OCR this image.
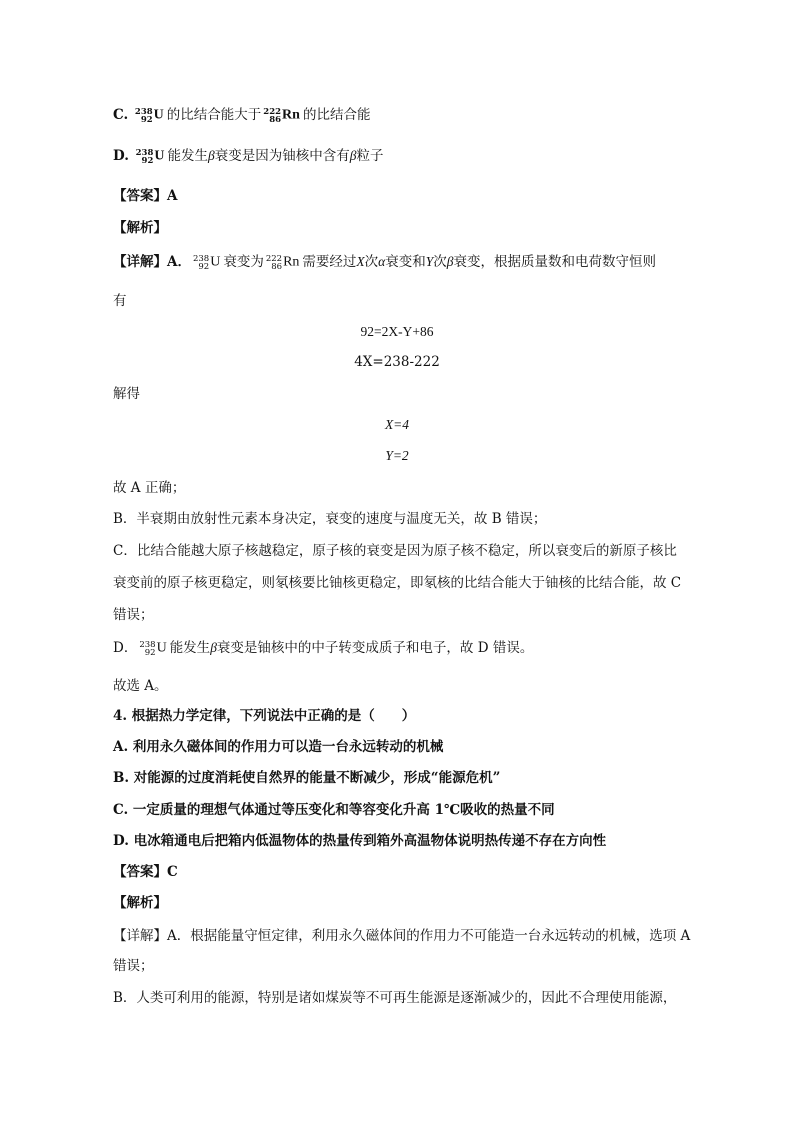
C. 238
92 U 的比结合能大于 222
86 Rn 的比结合能
D. 238
92 U 能发生β衰变是因为铀核中含有β粒子
【答案】A
【解析】
【详解】A． 238
92 U 衰变为 222
86 Rn 需要经过X次α衰变和Y次β衰变，根据质量数和电荷数守恒则
有
92=2X-Y+86
4X=238-222
解得
X=4
Y=2
故 A 正确；
B．半衰期由放射性元素本身决定，衰变的速度与温度无关，故 B 错误；
C．比结合能越大原子核越稳定，原子核的衰变是因为原子核不稳定，所以衰变后的新原子核比
衰变前的原子核更稳定，则氡核要比铀核更稳定，即氡核的比结合能大于铀核的比结合能，故 C
错误；
D． 238
92 U 能发生β衰变是铀核中的中子转变成质子和电子，故 D 错误。
故选 A。
4. 根据热力学定律，下列说法中正确的是（　　）
A. 利用永久磁体间的作用力可以造一台永远转动的机械
B. 对能源的过度消耗使自然界的能量不断减少，形成“能源危机”
C. 一定质量的理想气体通过等压变化和等容变化升高 1℃吸收的热量不同
D. 电冰箱通电后把箱内低温物体的热量传到箱外高温物体说明热传递不存在方向性
【答案】C
【解析】
【详解】A．根据能量守恒定律，利用永久磁体间的作用力不可能造一台永远转动的机械，选项 A
错误；
B．人类可利用的能源，特别是诸如煤炭等不可再生能源是逐渐减少的，因此不合理使用能源，
